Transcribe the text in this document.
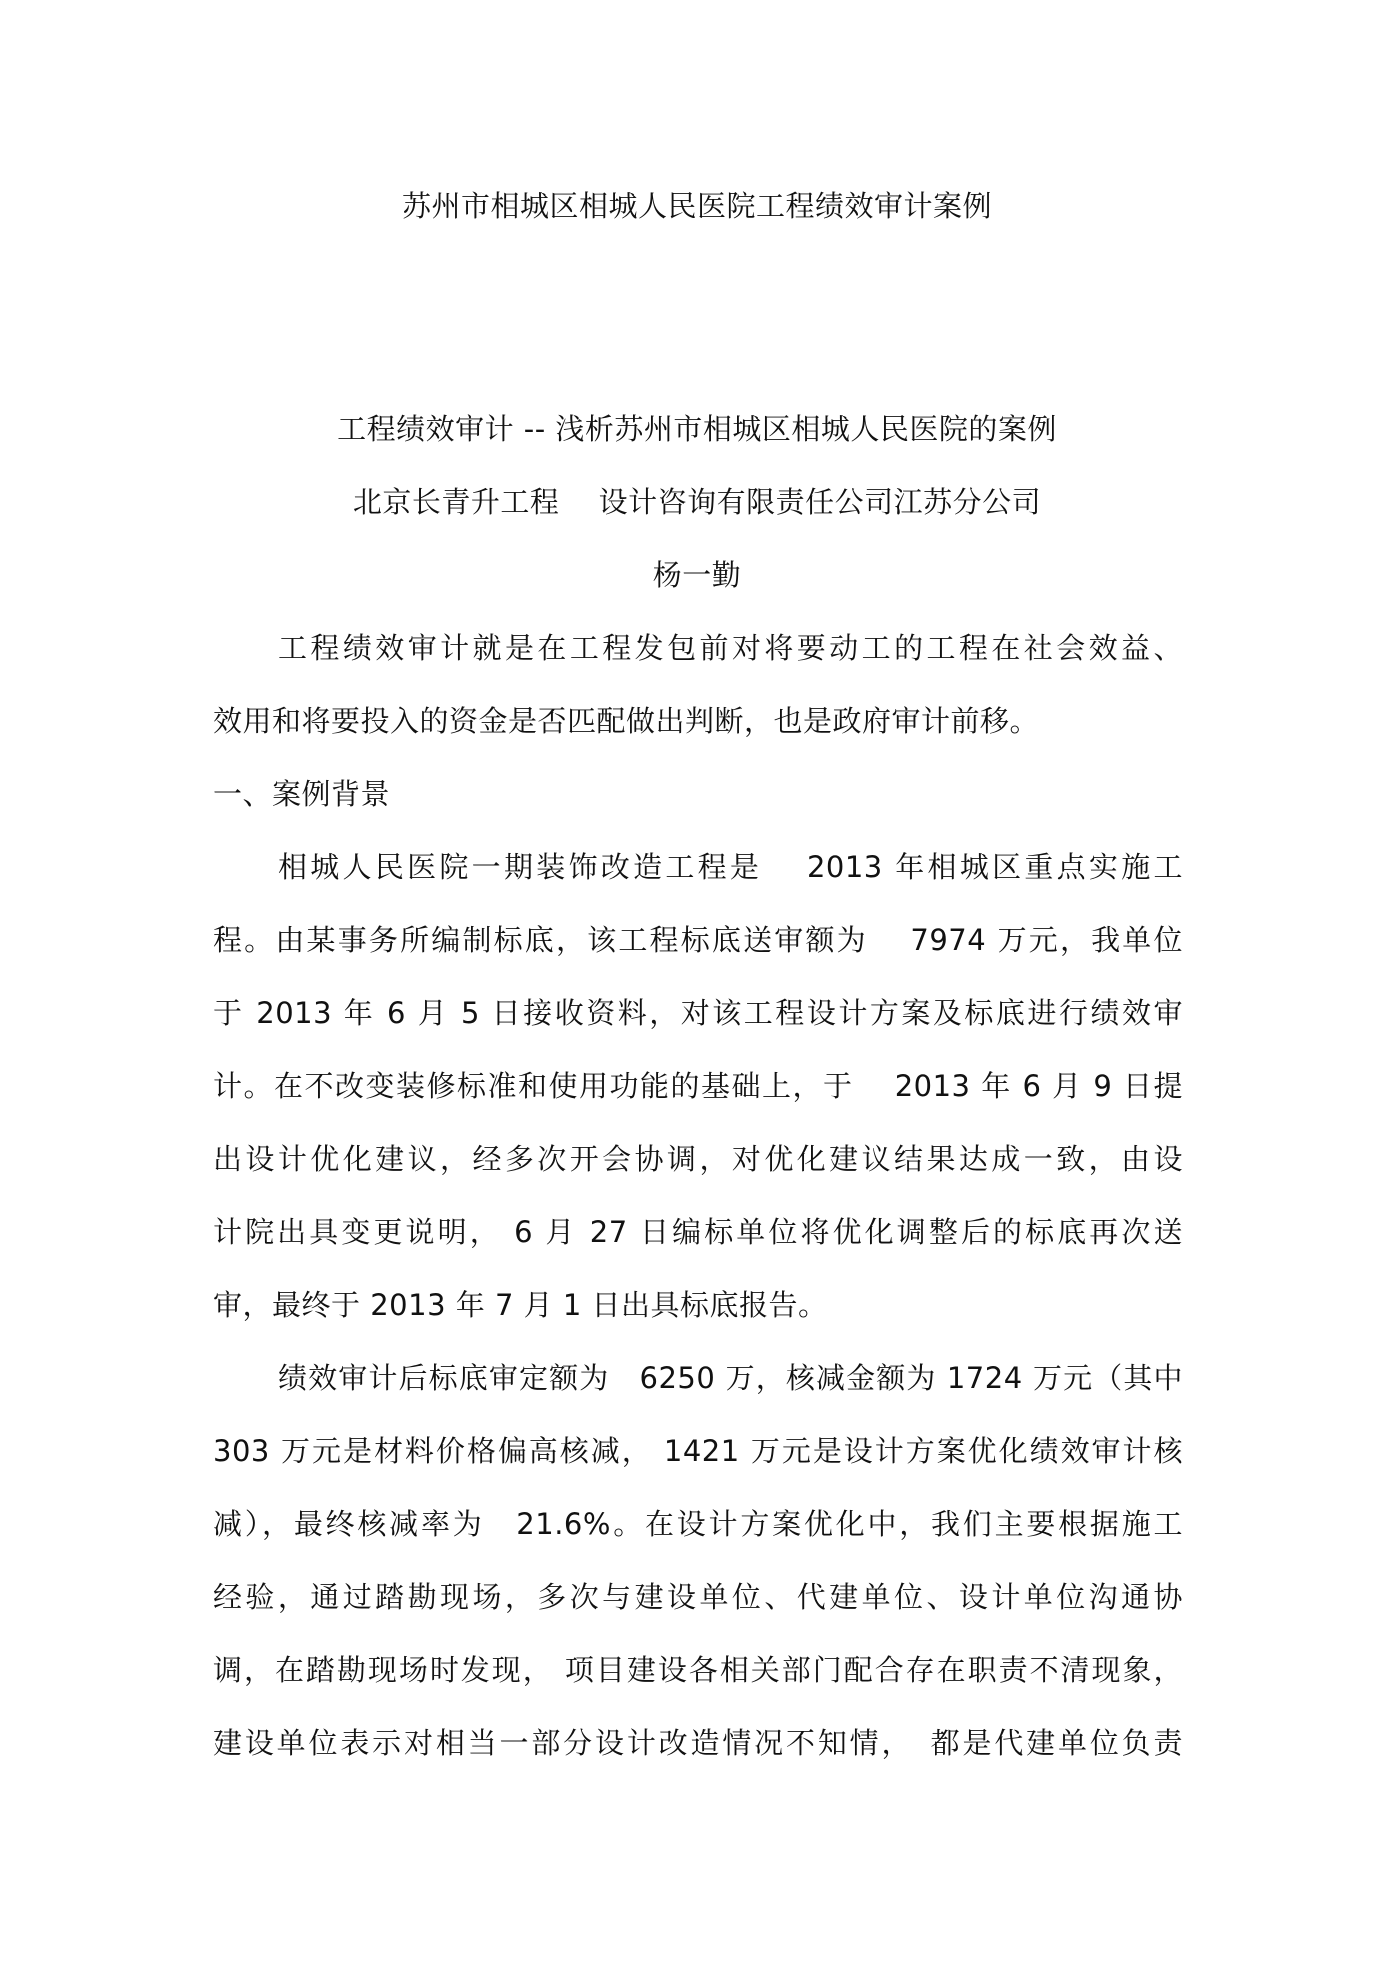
苏州市相城区相城人民医院工程绩效审计案例
工程绩效审计 -- 浅析苏州市相城区相城人民医院的案例
北京长青升工程　 设计咨询有限责任公司江苏分公司
杨一勤
工程绩效审计就是在工程发包前对将要动工的工程在社会效益、
效用和将要投入的资金是否匹配做出判断，也是政府审计前移。
一、案例背景
相城人民医院一期装饰改造工程是　 2013 年相城区重点实施工
程。由某事务所编制标底，该工程标底送审额为　 7974 万元，我单位
于 2013 年 6 月 5 日接收资料，对该工程设计方案及标底进行绩效审
计。在不改变装修标准和使用功能的基础上，于　 2013 年 6 月 9 日提
出设计优化建议，经多次开会协调，对优化建议结果达成一致，由设
计院出具变更说明， 6 月 27 日编标单位将优化调整后的标底再次送
审，最终于 2013 年 7 月 1 日出具标底报告。
绩效审计后标底审定额为　6250 万，核减金额为 1724 万元（其中
303 万元是材料价格偏高核减， 1421 万元是设计方案优化绩效审计核
减），最终核减率为　21.6%。在设计方案优化中，我们主要根据施工
经验，通过踏勘现场，多次与建设单位、代建单位、设计单位沟通协
调，在踏勘现场时发现， 项目建设各相关部门配合存在职责不清现象，
建设单位表示对相当一部分设计改造情况不知情，　都是代建单位负责
